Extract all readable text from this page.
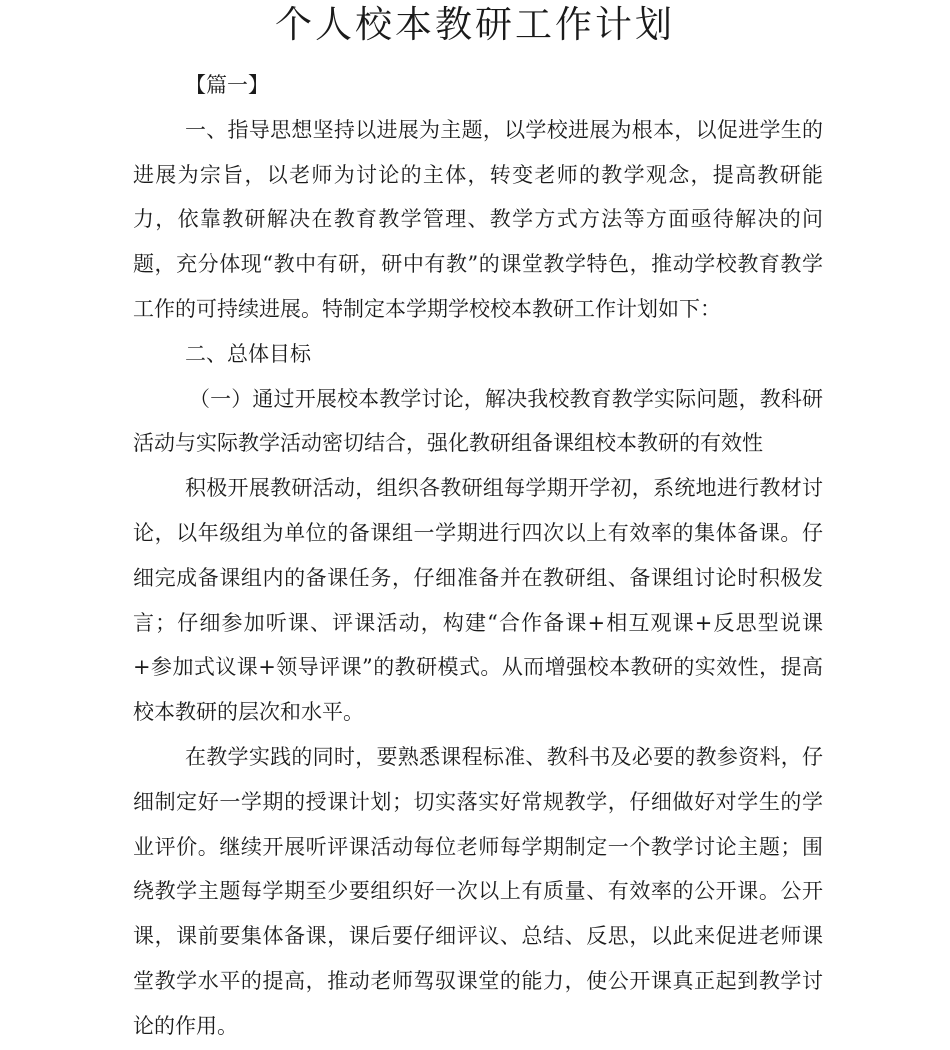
个人校本教研工作计划

【篇一】

一、指导思想坚持以进展为主题，以学校进展为根本，以促进学生的进展为宗旨，以老师为讨论的主体，转变老师的教学观念，提高教研能力，依靠教研解决在教育教学管理、教学方式方法等方面亟待解决的问题，充分体现“教中有研，研中有教”的课堂教学特色，推动学校教育教学工作的可持续进展。特制定本学期学校校本教研工作计划如下：

二、总体目标

（一）通过开展校本教学讨论，解决我校教育教学实际问题，教科研活动与实际教学活动密切结合，强化教研组备课组校本教研的有效性

积极开展教研活动，组织各教研组每学期开学初，系统地进行教材讨论，以年级组为单位的备课组一学期进行四次以上有效率的集体备课。仔细完成备课组内的备课任务，仔细准备并在教研组、备课组讨论时积极发言；仔细参加听课、评课活动，构建“合作备课+相互观课+反思型说课+参加式议课+领导评课”的教研模式。从而增强校本教研的实效性，提高校本教研的层次和水平。

在教学实践的同时，要熟悉课程标准、教科书及必要的教参资料，仔细制定好一学期的授课计划；切实落实好常规教学，仔细做好对学生的学业评价。继续开展听评课活动每位老师每学期制定一个教学讨论主题；围绕教学主题每学期至少要组织好一次以上有质量、有效率的公开课。公开课，课前要集体备课，课后要仔细评议、总结、反思，以此来促进老师课堂教学水平的提高，推动老师驾驭课堂的能力，使公开课真正起到教学讨论的作用。
